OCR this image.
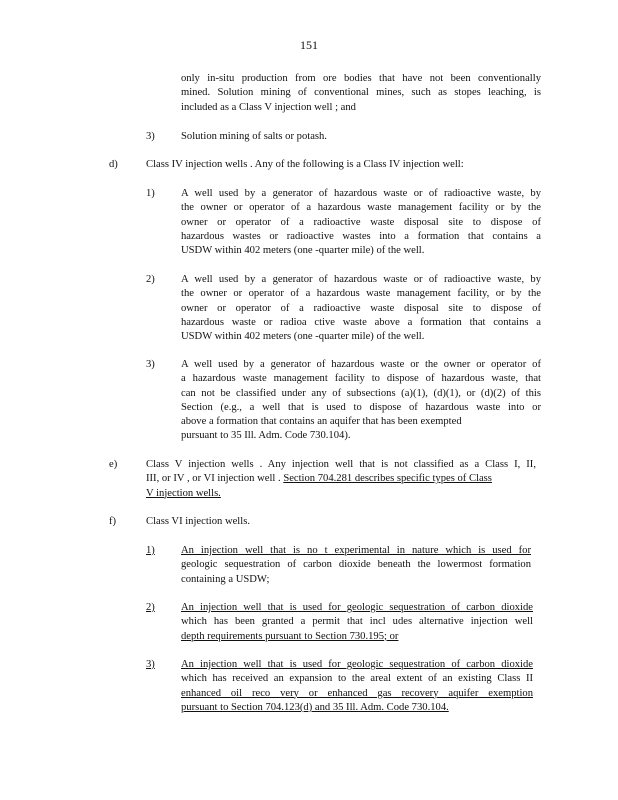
151
only in-situ production from ore bodies that have not been conventionally
mined. Solution mining of conventional mines, such as stopes leaching, is
included as a Class V injection well ; and
3) Solution mining of salts or potash.
d)	Class IV injection wells . Any of the following is a Class IV injection well:
1) A well used by a generator of hazardous waste or of radioactive waste, by
the owner or operator of a hazardous waste management facility or by the
owner or operator of a radioactive waste disposal site to dispose of
hazardous wastes or radioactive wastes into a formation that contains a
USDW within 402 meters (one -quarter mile) of the well.
2) A well used by a generator of hazardous waste or of radioactive waste, by
the owner or operator of a hazardous waste management facility, or by the
owner or operator of a radioactive waste disposal site to dispose of
hazardous waste or radioa ctive waste above a formation that contains a
USDW within 402 meters (one -quarter mile) of the well.
3) A well used by a generator of hazardous waste or the owner or operator of
a hazardous waste management facility to dispose of hazardous waste, that
can not be classified under any of subsections (a)(1), (d)(1), or (d)(2) of this
Section (e.g., a well that is used to dispose of hazardous waste into or
above a formation that contains an aquifer that has been exempted
pursuant to 35 Ill. Adm. Code 730.104).
e)	Class V injection wells . Any injection well that is not classified as a Class I, II,
III, or IV , or VI injection well . Section 704.281 describes specific types of Class
V injection wells.
f)	Class VI injection wells.
1) An injection well that is no t experimental in nature which is used for
geologic sequestration of carbon dioxide beneath the lowermost formation
containing a USDW;
2) An injection well that is used for geologic sequestration of carbon dioxide
which has been granted a permit that incl udes alternative injection well
depth requirements pursuant to Section 730.195; or
3) An injection well that is used for geologic sequestration of carbon dioxide
which has received an expansion to the areal extent of an existing Class II
enhanced oil reco very or enhanced gas recovery aquifer exemption
pursuant to Section 704.123(d) and 35 Ill. Adm. Code 730.104.
